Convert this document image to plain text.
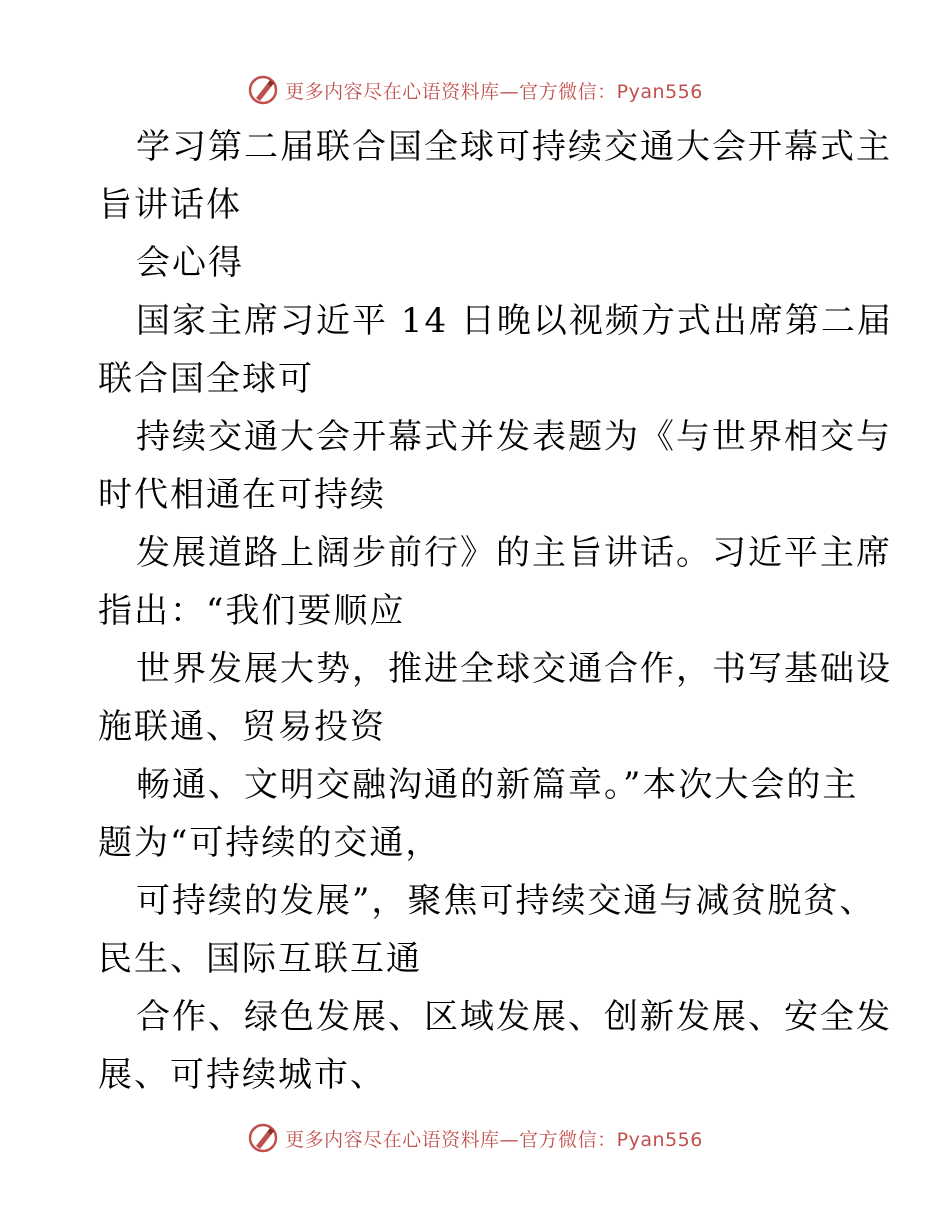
更多内容尽在心语资料库—官方微信：Pyan556
学习第二届联合国全球可持续交通大会开幕式主
旨讲话体
会心得
国家主席习近平 14 日晚以视频方式出席第二届
联合国全球可
持续交通大会开幕式并发表题为《与世界相交与
时代相通在可持续
发展道路上阔步前行》的主旨讲话。习近平主席
指出：“我们要顺应
世界发展大势，推进全球交通合作，书写基础设
施联通、贸易投资
畅通、文明交融沟通的新篇章。”本次大会的主
题为“可持续的交通，
可持续的发展”，聚焦可持续交通与减贫脱贫、
民生、国际互联互通
合作、绿色发展、区域发展、创新发展、安全发
展、可持续城市、
更多内容尽在心语资料库—官方微信：Pyan556
